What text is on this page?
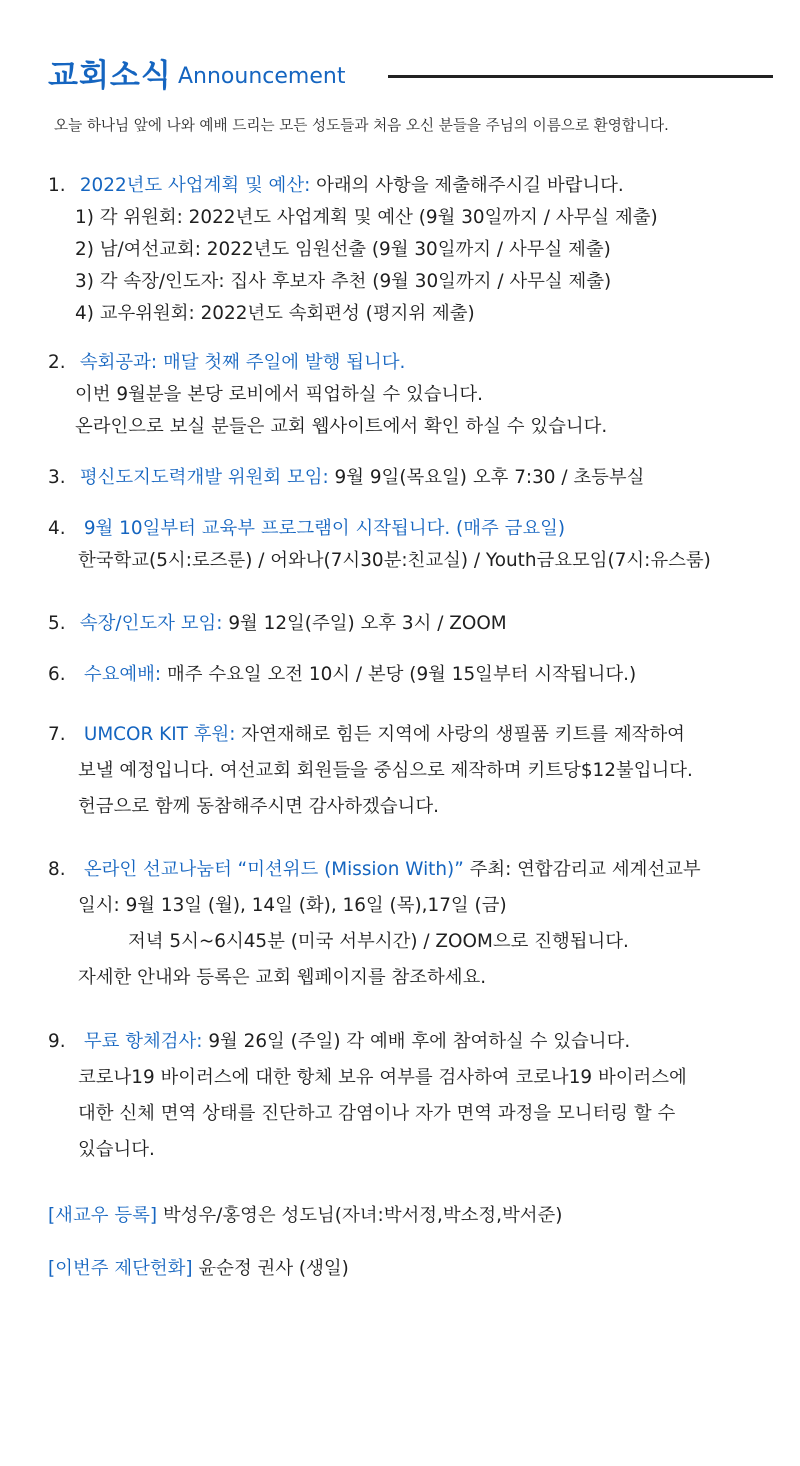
교회소식 Announcement
오늘 하나님 앞에 나와 예배 드리는 모든 성도들과 처음 오신 분들을 주님의 이름으로 환영합니다.
1. 2022년도 사업계획 및 예산: 아래의 사항을 제출해주시길 바랍니다.
1) 각 위원회: 2022년도 사업계획 및 예산 (9월 30일까지 / 사무실 제출)
2) 남/여선교회: 2022년도 임원선출 (9월 30일까지 / 사무실 제출)
3) 각 속장/인도자: 집사 후보자 추천 (9월 30일까지 / 사무실 제출)
4) 교우위원회: 2022년도 속회편성 (평지위 제출)
2. 속회공과: 매달 첫째 주일에 발행 됩니다.
이번 9월분을 본당 로비에서 픽업하실 수 있습니다.
온라인으로 보실 분들은 교회 웹사이트에서 확인 하실 수 있습니다.
3. 평신도지도력개발 위원회 모임: 9월 9일(목요일) 오후 7:30 / 초등부실
4. 9월 10일부터 교육부 프로그램이 시작됩니다. (매주 금요일)
한국학교(5시:로즈룬) / 어와나(7시30분:친교실) / Youth금요모임(7시:유스룸)
5. 속장/인도자 모임: 9월 12일(주일) 오후 3시 / ZOOM
6. 수요예배: 매주 수요일 오전 10시 / 본당 (9월 15일부터 시작됩니다.)
7. UMCOR KIT 후원: 자연재해로 힘든 지역에 사랑의 생필품 키트를 제작하여
보낼 예정입니다. 여선교회 회원들을 중심으로 제작하며 키트당$12불입니다.
헌금으로 함께 동참해주시면 감사하겠습니다.
8. 온라인 선교나눔터 “미션위드 (Mission With)” 주최: 연합감리교 세계선교부
일시: 9월 13일 (월), 14일 (화), 16일 (목),17일 (금)
저녁 5시~6시45분 (미국 서부시간) / ZOOM으로 진행됩니다.
자세한 안내와 등록은 교회 웹페이지를 참조하세요.
9. 무료 항체검사: 9월 26일 (주일) 각 예배 후에 참여하실 수 있습니다.
코로나19 바이러스에 대한 항체 보유 여부를 검사하여 코로나19 바이러스에
대한 신체 면역 상태를 진단하고 감염이나 자가 면역 과정을 모니터링 할 수
있습니다.
[새교우 등록] 박성우/홍영은 성도님(자녀:박서정,박소정,박서준)
[이번주 제단헌화] 윤순정 권사 (생일)
